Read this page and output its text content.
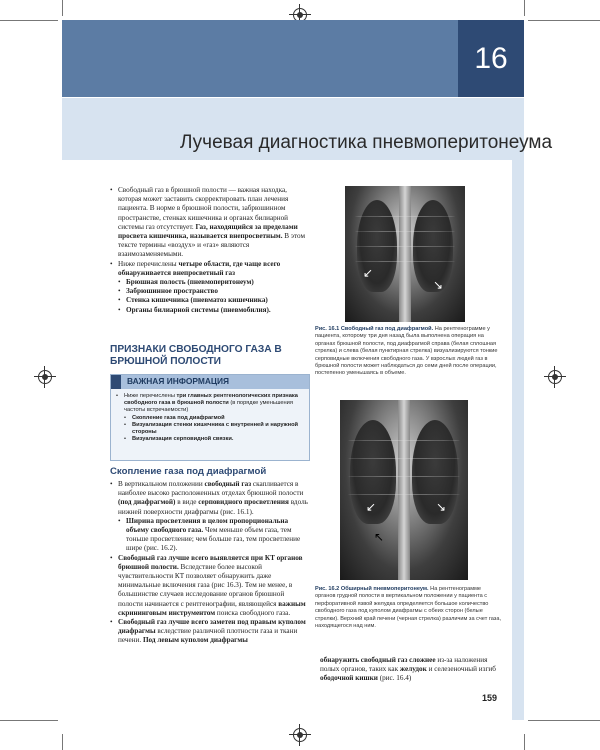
16
Лучевая диагностика пневмоперитонеума

• Свободный газ в брюшной полости — важная находка, которая может заставить скорректировать план лечения пациента. В норме в брюшной полости, забрюшинном пространстве, стенках кишечника и органах билиарной системы газ отсутствует. Газ, находящийся за пределами просвета кишечника, называется внепросветным. В этом тексте термины «воздух» и «газ» являются взаимозаменяемыми.

• Ниже перечислены четыре области, где чаще всего обнаруживается внепросветный газ

• Брюшная полость (пневмоперитонеум)

• Забрюшинное пространство

• Стенка кишечника (пневматоз кишечника)

• Органы билиарной системы (пневмобилия).

ПРИЗНАКИ СВОБОДНОГО ГАЗА В БРЮШНОЙ ПОЛОСТИ
ВАЖНАЯ ИНФОРМАЦИЯ

• Ниже перечислены три главных рентгенологических признака свободного газа в брюшной полости (в порядке уменьшения частоты встречаемости)

• Скопление газа под диафрагмой

• Визуализация стенки кишечника с внутренней и наружной стороны

• Визуализация серповидной связки.

Скопление газа под диафрагмой

• В вертикальном положении свободный газ скапливается в наиболее высоко расположенных отделах брюшной полости (под диафрагмой) в виде серповидного просветления вдоль нижней поверхности диафрагмы (рис. 16.1).

• Ширина просветления в целом пропорциональна объему свободного газа. Чем меньше объем газа, тем тоньше просветление; чем больше газ, тем просветление шире (рис. 16.2).

• Свободный газ лучше всего выявляется при КТ органов брюшной полости. Вследствие более высокой чувствительности КТ позволяет обнаружить даже минимальные включения газа (рис 16.3). Тем не менее, в большинстве случаев исследование органов брюшной полости начинается с рентгенографии, являющейся важным скрининговым инструментом поиска свободного газа.

• Свободный газ лучше всего заметен под правым куполом диафрагмы вследствие различной плотности газа и ткани печени. Под левым куполом диафрагмы

↙
↘
Рис. 16.1 Свободный газ под диафрагмой. На рентгенограмме у пациента, которому три дня назад была выполнена операция на органах брюшной полости, под диафрагмой справа (белая сплошная стрелка) и слева (белая пунктирная стрелка) визуализируются тонкие серповидные включения свободного газа. У взрослых людей газ в брюшной полости может наблюдаться до семи дней после операции, постепенно уменьшаясь в объеме.
↙	↘
↖
Рис. 16.2 Обширный пневмоперитонеум. На рентгенограмме органов грудной полости в вертикальном положении у пациента с перфоративной язвой желудка определяется большое количество свободного газа под куполом диафрагмы с обеих сторон (белые стрелки). Верхний край печени (черная стрелка) различим за счет газа, находящегося над ним.

обнаружить свободный газ сложнее из-за наложения полых органов, таких как желудок и селезеночный изгиб ободочной кишки (рис. 16.4)

159
